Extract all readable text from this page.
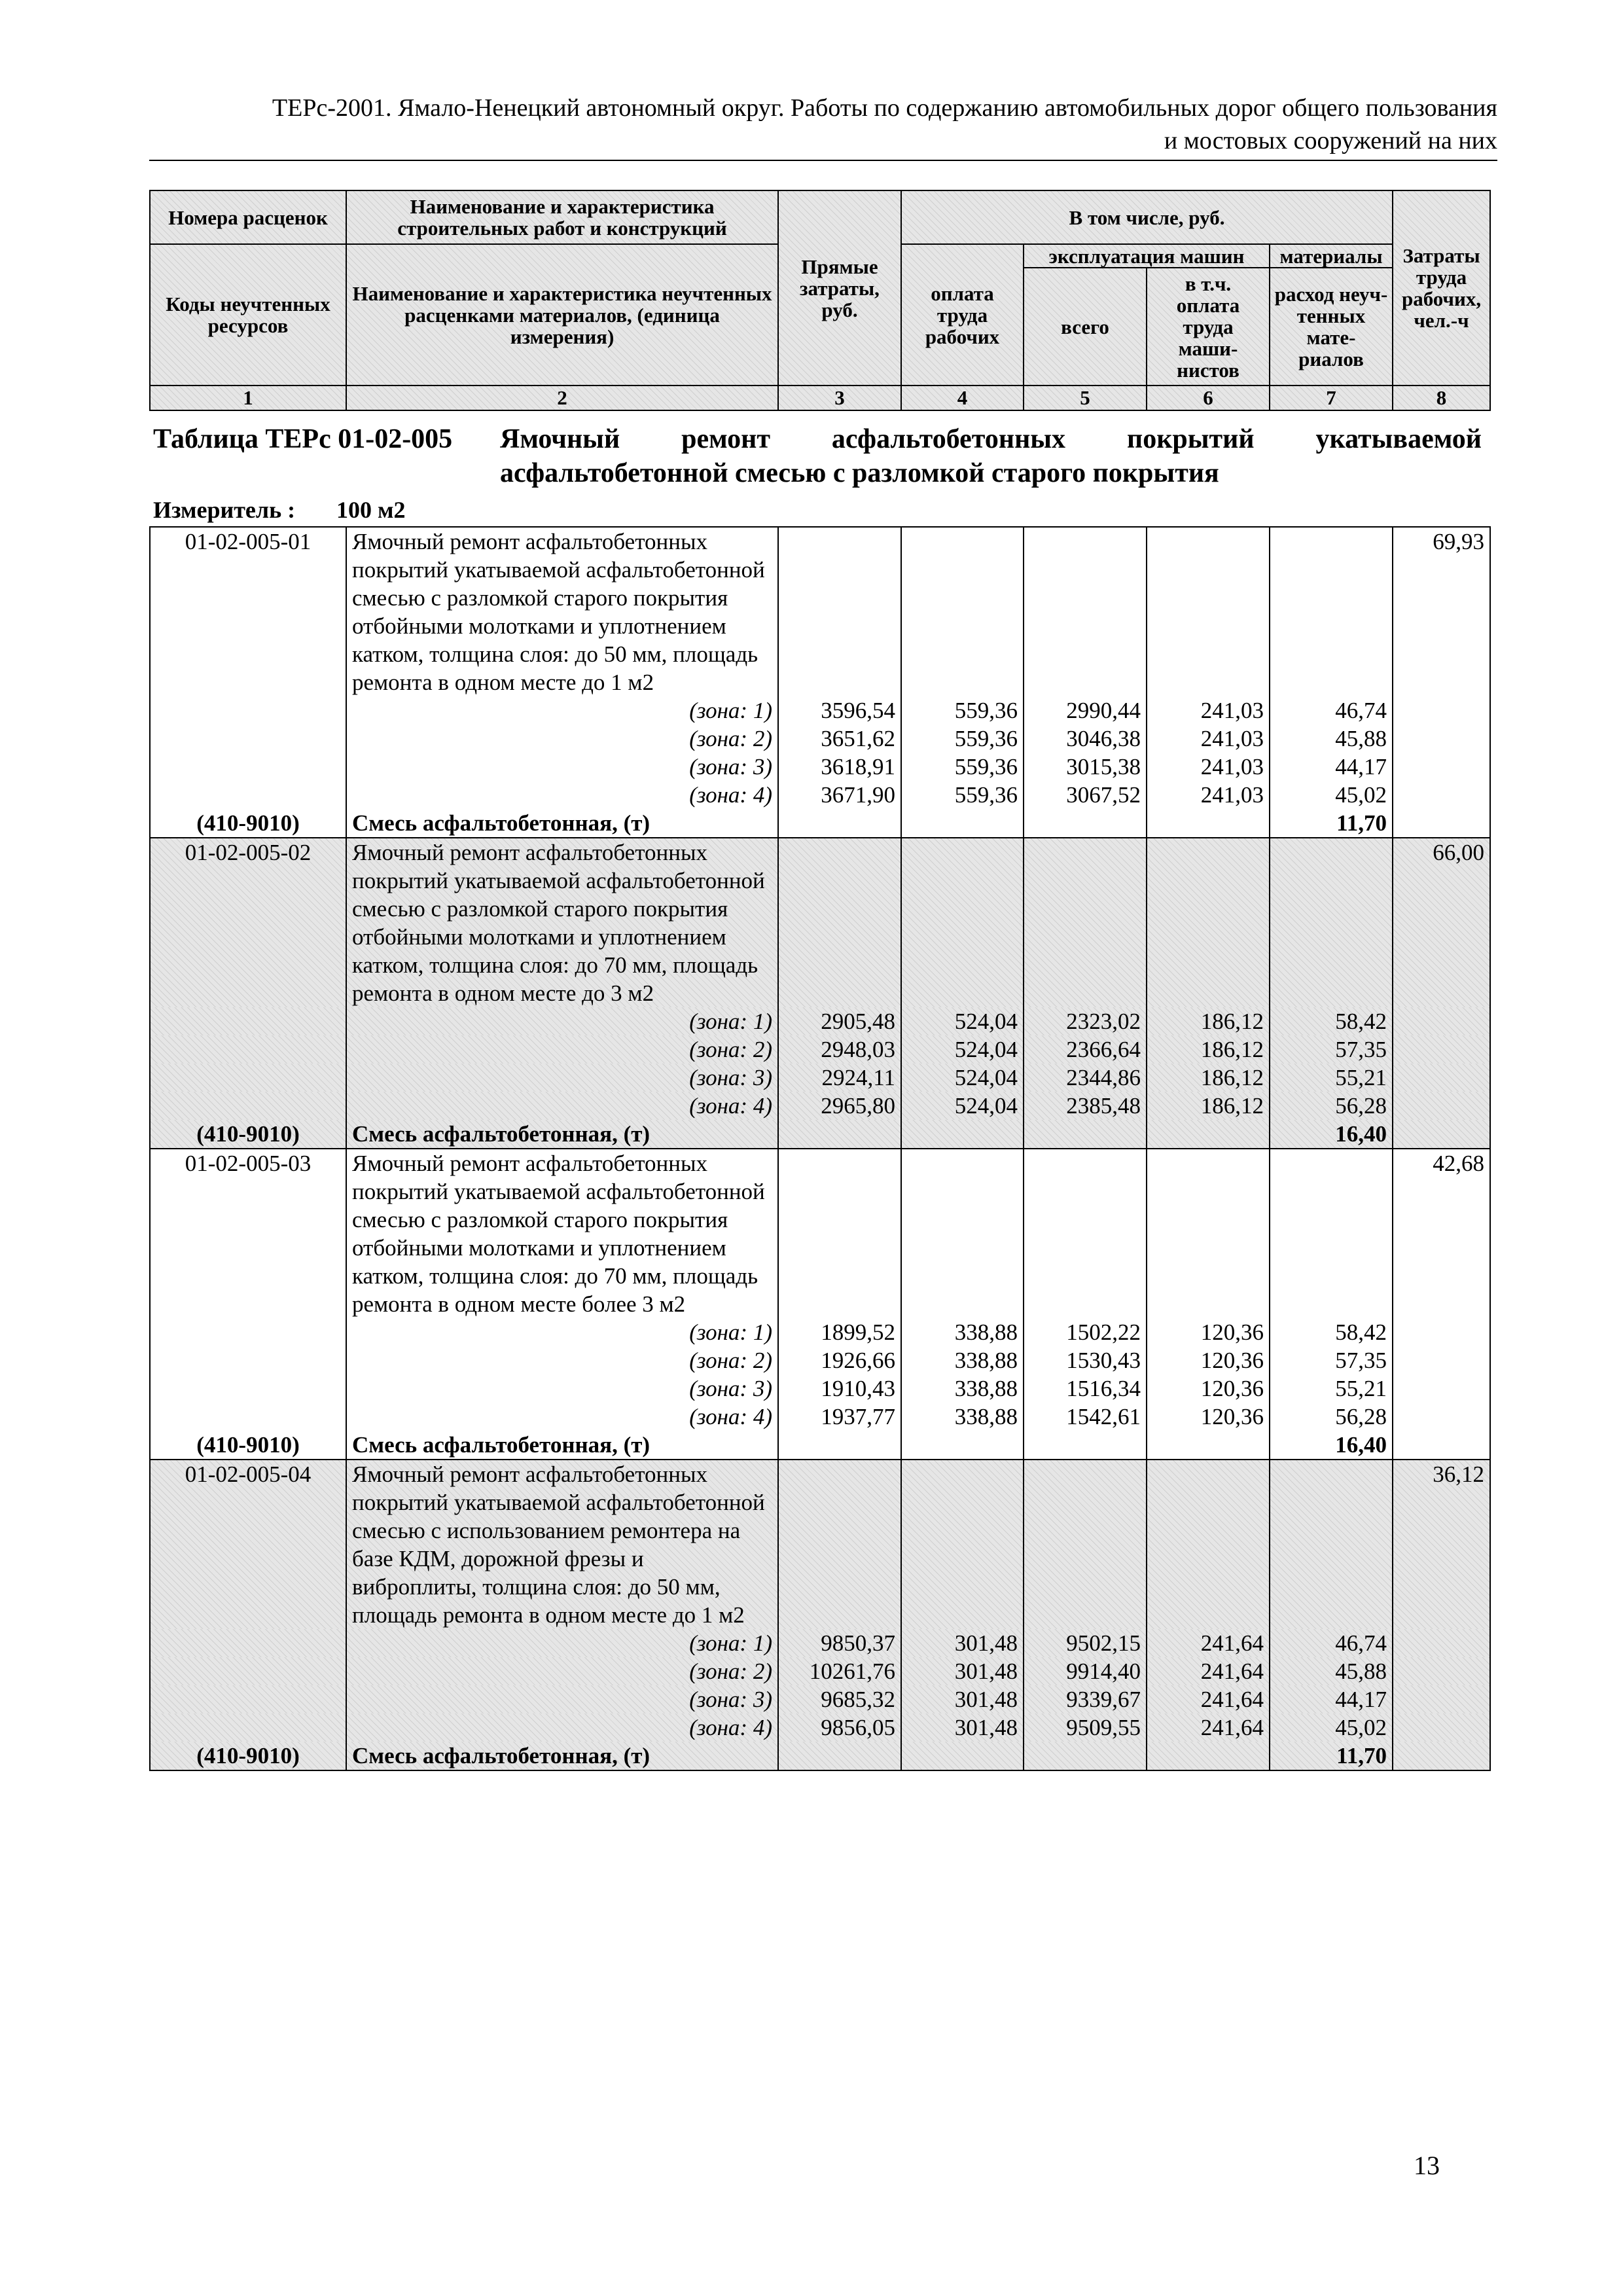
ТЕРс-2001. Ямало-Ненецкий автономный округ. Работы по содержанию автомобильных дорог общего пользования
и мостовых сооружений на них
Номера расценок	Наименование и характеристика строительных работ и конструкций	Прямые затраты, руб.	В том числе, руб.				Затраты труда рабочих, чел.-ч
Коды неучтенных ресурсов	Наименование и характеристика неучтенных расценками материалов, (единица измерения)		оплата труда рабочих	эксплуатация машин		материалы	
				всего	в т.ч. оплата труда маши-нистов	расход неуч-тенных мате-риалов	

1	2	3	4	5	6	7	8
Таблица ТЕРс 01-02-005 Ямочный ремонт асфальтобетонных покрытий укатываемой
асфальтобетонной смесью с разломкой старого покрытия
Измеритель : 100 м2
01-02-005-01	Ямочный ремонт асфальтобетонных покрытий укатываемой асфальтобетонной смесью с разломкой старого покрытия отбойными молотками и уплотнением катком, толщина слоя: до 50 мм, площадь ремонта в одном месте до 1 м2						69,93
	(зона: 1)	3596,54	559,36	2990,44	241,03	46,74	
	(зона: 2)	3651,62	559,36	3046,38	241,03	45,88	
	(зона: 3)	3618,91	559,36	3015,38	241,03	44,17	
	(зона: 4)	3671,90	559,36	3067,52	241,03	45,02	
(410-9010)	Смесь асфальтобетонная, (т)					11,70	
01-02-005-02	Ямочный ремонт асфальтобетонных покрытий укатываемой асфальтобетонной смесью с разломкой старого покрытия отбойными молотками и уплотнением катком, толщина слоя: до 70 мм, площадь ремонта в одном месте до 3 м2						66,00
	(зона: 1)	2905,48	524,04	2323,02	186,12	58,42	
	(зона: 2)	2948,03	524,04	2366,64	186,12	57,35	
	(зона: 3)	2924,11	524,04	2344,86	186,12	55,21	
	(зона: 4)	2965,80	524,04	2385,48	186,12	56,28	
(410-9010)	Смесь асфальтобетонная, (т)					16,40	
01-02-005-03	Ямочный ремонт асфальтобетонных покрытий укатываемой асфальтобетонной смесью с разломкой старого покрытия отбойными молотками и уплотнением катком, толщина слоя: до 70 мм, площадь ремонта в одном месте более 3 м2						42,68
	(зона: 1)	1899,52	338,88	1502,22	120,36	58,42	
	(зона: 2)	1926,66	338,88	1530,43	120,36	57,35	
	(зона: 3)	1910,43	338,88	1516,34	120,36	55,21	
	(зона: 4)	1937,77	338,88	1542,61	120,36	56,28	
(410-9010)	Смесь асфальтобетонная, (т)					16,40	
01-02-005-04	Ямочный ремонт асфальтобетонных покрытий укатываемой асфальтобетонной смесью с использованием ремонтера на базе КДМ, дорожной фрезы и виброплиты, толщина слоя: до 50 мм, площадь ремонта в одном месте до 1 м2						36,12
	(зона: 1)	9850,37	301,48	9502,15	241,64	46,74	
	(зона: 2)	10261,76	301,48	9914,40	241,64	45,88	
	(зона: 3)	9685,32	301,48	9339,67	241,64	44,17	
	(зона: 4)	9856,05	301,48	9509,55	241,64	45,02	
(410-9010)	Смесь асфальтобетонная, (т)					11,70	
13
